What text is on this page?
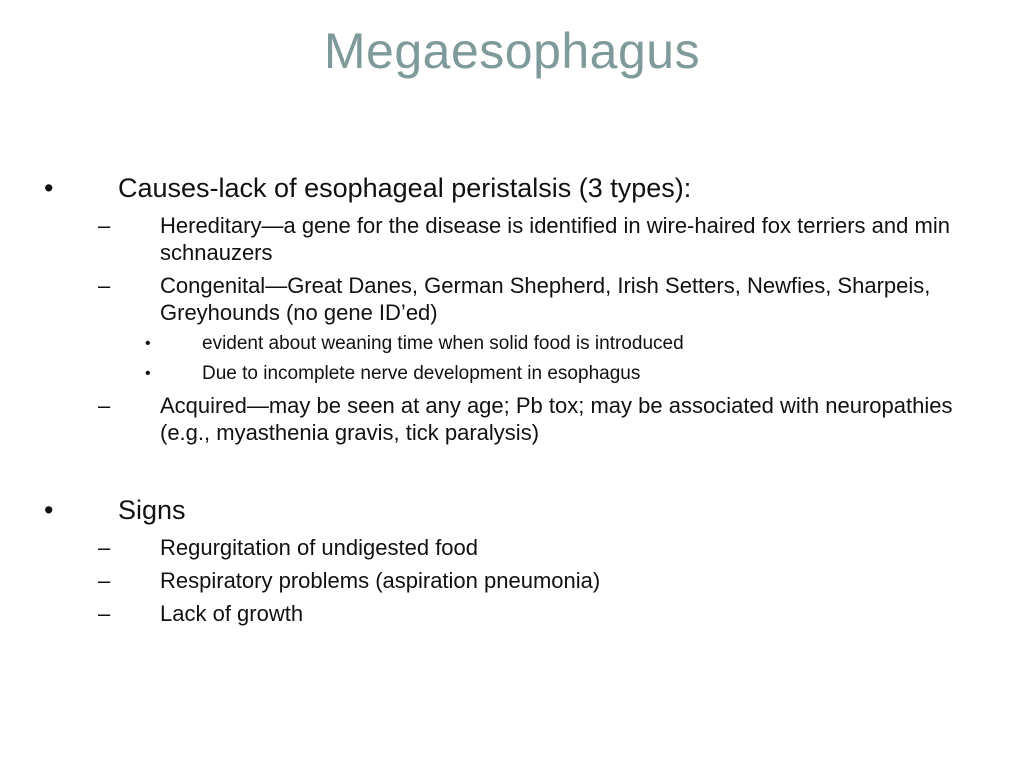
Megaesophagus
• Causes-lack of esophageal peristalsis (3 types):
– Hereditary—a gene for the disease is identified in wire-haired fox terriers and min schnauzers
– Congenital—Great Danes, German Shepherd, Irish Setters, Newfies, Sharpeis, Greyhounds (no gene ID’ed)
•	evident about weaning time when solid food is introduced
•	Due to incomplete nerve development in esophagus
– Acquired—may be seen at any age; Pb tox; may be associated with neuropathies (e.g., myasthenia gravis, tick paralysis)
• Signs
– Regurgitation of undigested food
– Respiratory problems (aspiration pneumonia)
– Lack of growth
